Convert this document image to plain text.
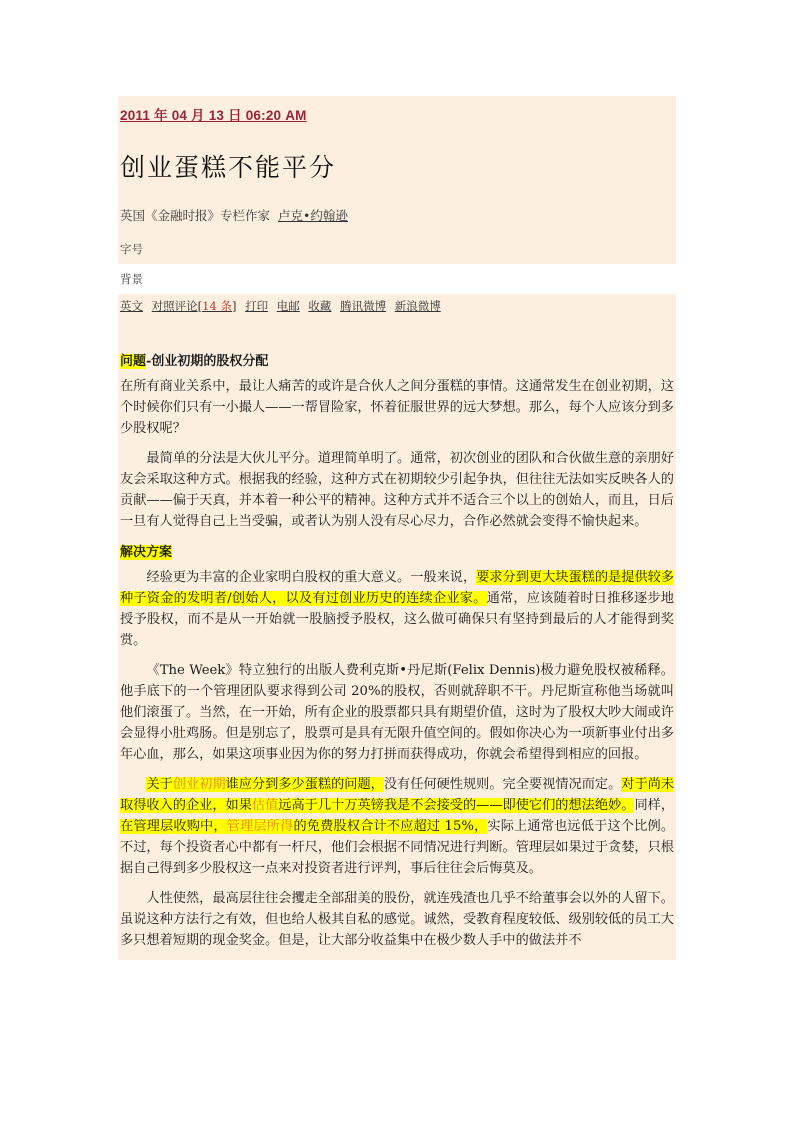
2011 年 04 月 13 日 06:20 AM
创业蛋糕不能平分
英国《金融时报》专栏作家 卢克•约翰逊
字号
背景
英文 对照评论[14 条] 打印 电邮 收藏 腾讯微博 新浪微博
问题-创业初期的股权分配

在所有商业关系中，最让人痛苦的或许是合伙人之间分蛋糕的事情。这通常发生在创业初期，这个时候你们只有一小撮人——一帮冒险家，怀着征服世界的远大梦想。那么，每个人应该分到多少股权呢？

最简单的分法是大伙儿平分。道理简单明了。通常，初次创业的团队和合伙做生意的亲朋好友会采取这种方式。根据我的经验，这种方式在初期较少引起争执，但往往无法如实反映各人的贡献——偏于天真，并本着一种公平的精神。这种方式并不适合三个以上的创始人，而且，日后一旦有人觉得自己上当受骗，或者认为别人没有尽心尽力，合作必然就会变得不愉快起来。

解决方案

经验更为丰富的企业家明白股权的重大意义。一般来说，要求分到更大块蛋糕的是提供较多种子资金的发明者/创始人，以及有过创业历史的连续企业家。通常，应该随着时日推移逐步地授予股权，而不是从一开始就一股脑授予股权，这么做可确保只有坚持到最后的人才能得到奖赏。

《The Week》特立独行的出版人费利克斯•丹尼斯(Felix Dennis)极力避免股权被稀释。他手底下的一个管理团队要求得到公司 20%的股权，否则就辞职不干。丹尼斯宣称他当场就叫他们滚蛋了。当然，在一开始，所有企业的股票都只具有期望价值，这时为了股权大吵大闹或许会显得小肚鸡肠。但是别忘了，股票可是具有无限升值空间的。假如你决心为一项新事业付出多年心血，那么，如果这项事业因为你的努力打拼而获得成功，你就会希望得到相应的回报。

关于创业初期谁应分到多少蛋糕的问题，没有任何硬性规则。完全要视情况而定。对于尚未取得收入的企业，如果估值远高于几十万英镑我是不会接受的——即使它们的想法绝妙。同样，在管理层收购中，管理层所得的免费股权合计不应超过 15%，实际上通常也远低于这个比例。不过，每个投资者心中都有一杆尺，他们会根据不同情况进行判断。管理层如果过于贪婪，只根据自己得到多少股权这一点来对投资者进行评判，事后往往会后悔莫及。

人性使然，最高层往往会攫走全部甜美的股份，就连残渣也几乎不给董事会以外的人留下。虽说这种方法行之有效，但也给人极其自私的感觉。诚然，受教育程度较低、级别较低的员工大多只想着短期的现金奖金。但是，让大部分收益集中在极少数人手中的做法并不
